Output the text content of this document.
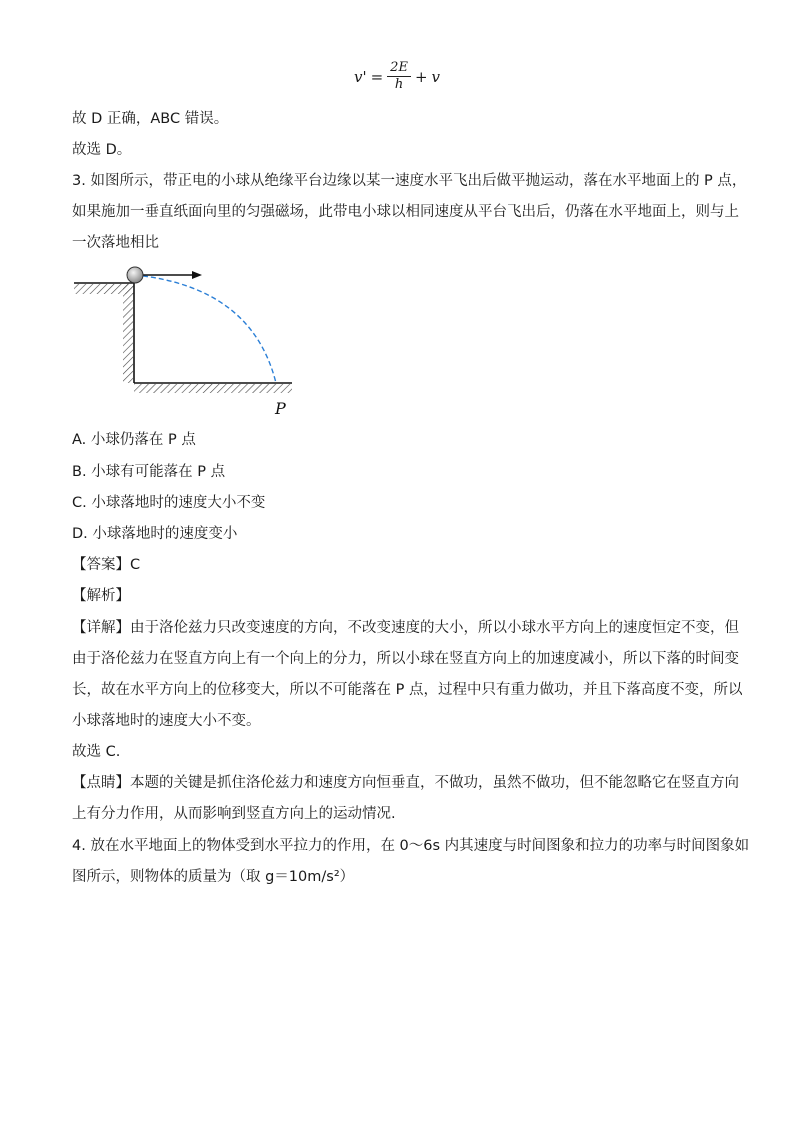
$v' = \frac{2E}{h} + v$
故 D 正确，ABC 错误。
故选 D。
3. 如图所示，带正电的小球从绝缘平台边缘以某一速度水平飞出后做平抛运动，落在水平地面上的 P 点，
如果施加一垂直纸面向里的匀强磁场，此带电小球以相同速度从平台飞出后，仍落在水平地面上，则与上
一次落地相比
P
A. 小球仍落在 P 点
B. 小球有可能落在 P 点
C. 小球落地时的速度大小不变
D. 小球落地时的速度变小
【答案】C
【解析】
【详解】由于洛伦兹力只改变速度的方向，不改变速度的大小，所以小球水平方向上的速度恒定不变，但
由于洛伦兹力在竖直方向上有一个向上的分力，所以小球在竖直方向上的加速度减小，所以下落的时间变
长，故在水平方向上的位移变大，所以不可能落在 P 点，过程中只有重力做功，并且下落高度不变，所以
小球落地时的速度大小不变。
故选 C.
【点睛】本题的关键是抓住洛伦兹力和速度方向恒垂直，不做功，虽然不做功，但不能忽略它在竖直方向
上有分力作用，从而影响到竖直方向上的运动情况.
4. 放在水平地面上的物体受到水平拉力的作用，在 0～6s 内其速度与时间图象和拉力的功率与时间图象如
图所示，则物体的质量为（取 g＝10m/s²）
